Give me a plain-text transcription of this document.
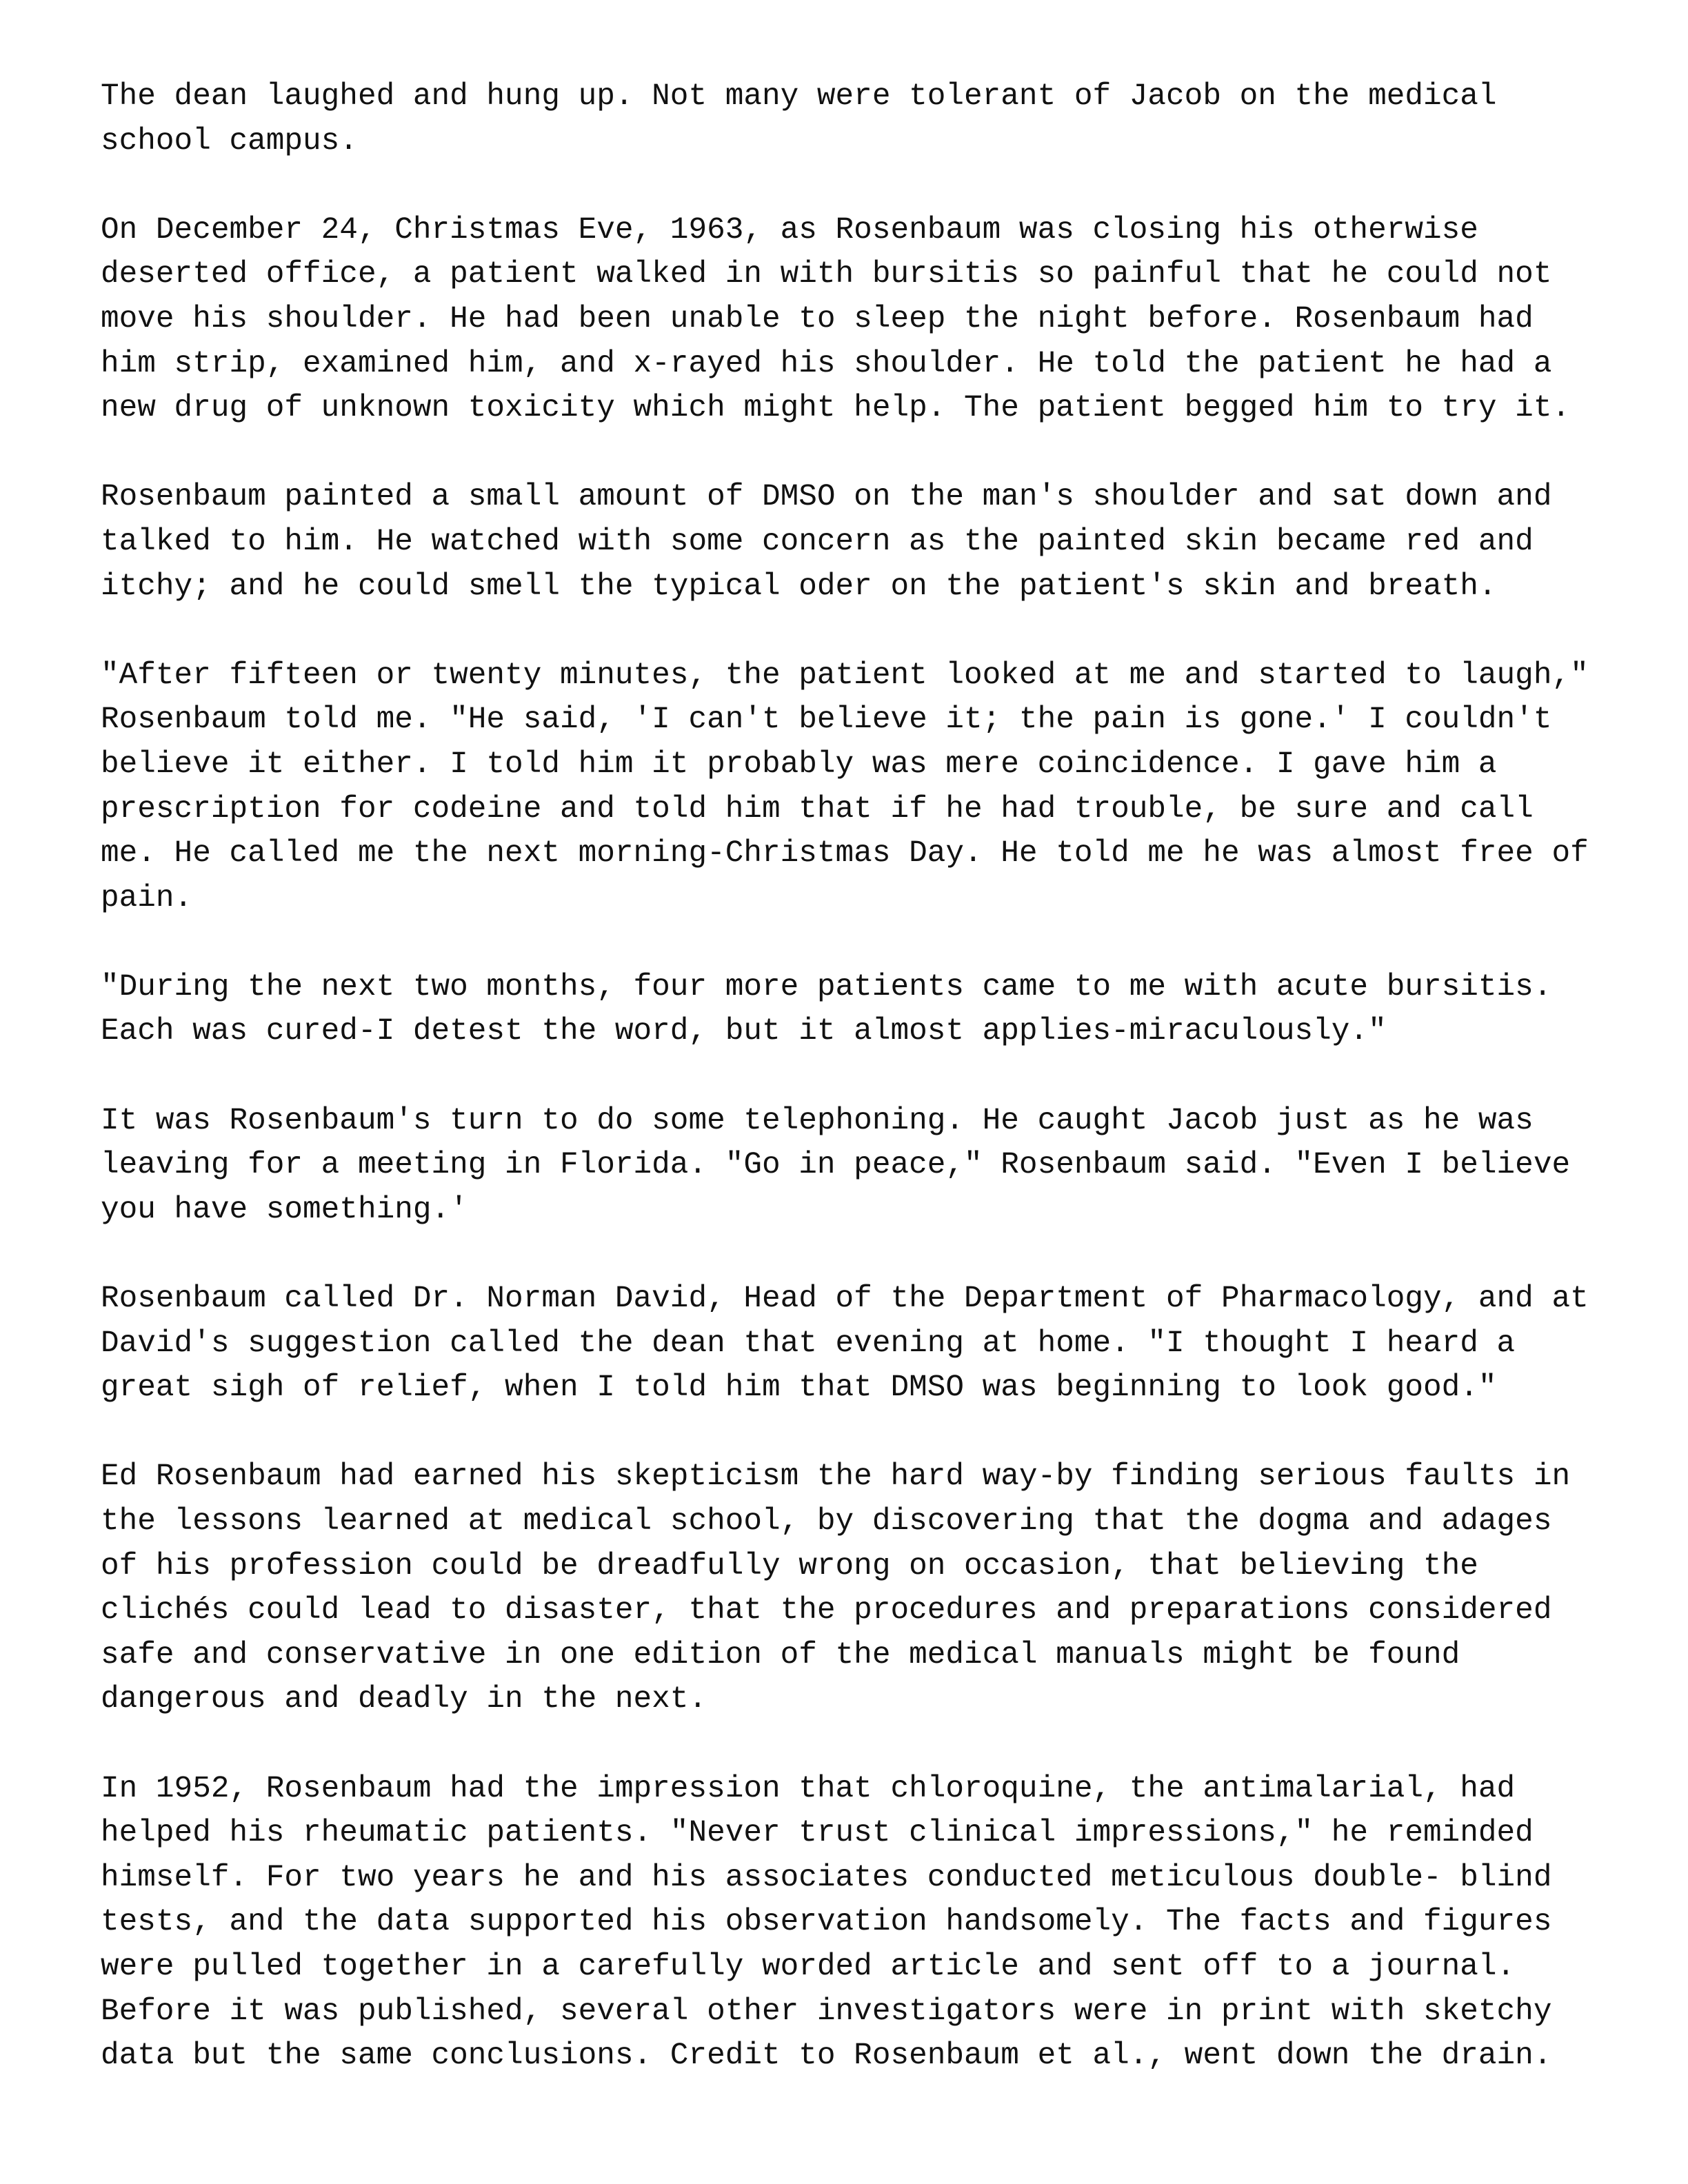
The dean laughed and hung up. Not many were tolerant of Jacob on the medical
school campus.
On December 24, Christmas Eve, 1963, as Rosenbaum was closing his otherwise
deserted office, a patient walked in with bursitis so painful that he could not
move his shoulder. He had been unable to sleep the night before. Rosenbaum had
him strip, examined him, and x-rayed his shoulder. He told the patient he had a
new drug of unknown toxicity which might help. The patient begged him to try it.
Rosenbaum painted a small amount of DMSO on the man's shoulder and sat down and
talked to him. He watched with some concern as the painted skin became red and
itchy; and he could smell the typical oder on the patient's skin and breath.
"After fifteen or twenty minutes, the patient looked at me and started to laugh,"
Rosenbaum told me. "He said, 'I can't believe it; the pain is gone.' I couldn't
believe it either. I told him it probably was mere coincidence. I gave him a
prescription for codeine and told him that if he had trouble, be sure and call
me. He called me the next morning-Christmas Day. He told me he was almost free of
pain.
"During the next two months, four more patients came to me with acute bursitis.
Each was cured-I detest the word, but it almost applies-miraculously."
It was Rosenbaum's turn to do some telephoning. He caught Jacob just as he was
leaving for a meeting in Florida. "Go in peace," Rosenbaum said. "Even I believe
you have something.'
Rosenbaum called Dr. Norman David, Head of the Department of Pharmacology, and at
David's suggestion called the dean that evening at home. "I thought I heard a
great sigh of relief, when I told him that DMSO was beginning to look good."
Ed Rosenbaum had earned his skepticism the hard way-by finding serious faults in
the lessons learned at medical school, by discovering that the dogma and adages
of his profession could be dreadfully wrong on occasion, that believing the
clichés could lead to disaster, that the procedures and preparations considered
safe and conservative in one edition of the medical manuals might be found
dangerous and deadly in the next.
In 1952, Rosenbaum had the impression that chloroquine, the antimalarial, had
helped his rheumatic patients. "Never trust clinical impressions," he reminded
himself. For two years he and his associates conducted meticulous double- blind
tests, and the data supported his observation handsomely. The facts and figures
were pulled together in a carefully worded article and sent off to a journal.
Before it was published, several other investigators were in print with sketchy
data but the same conclusions. Credit to Rosenbaum et al., went down the drain.
